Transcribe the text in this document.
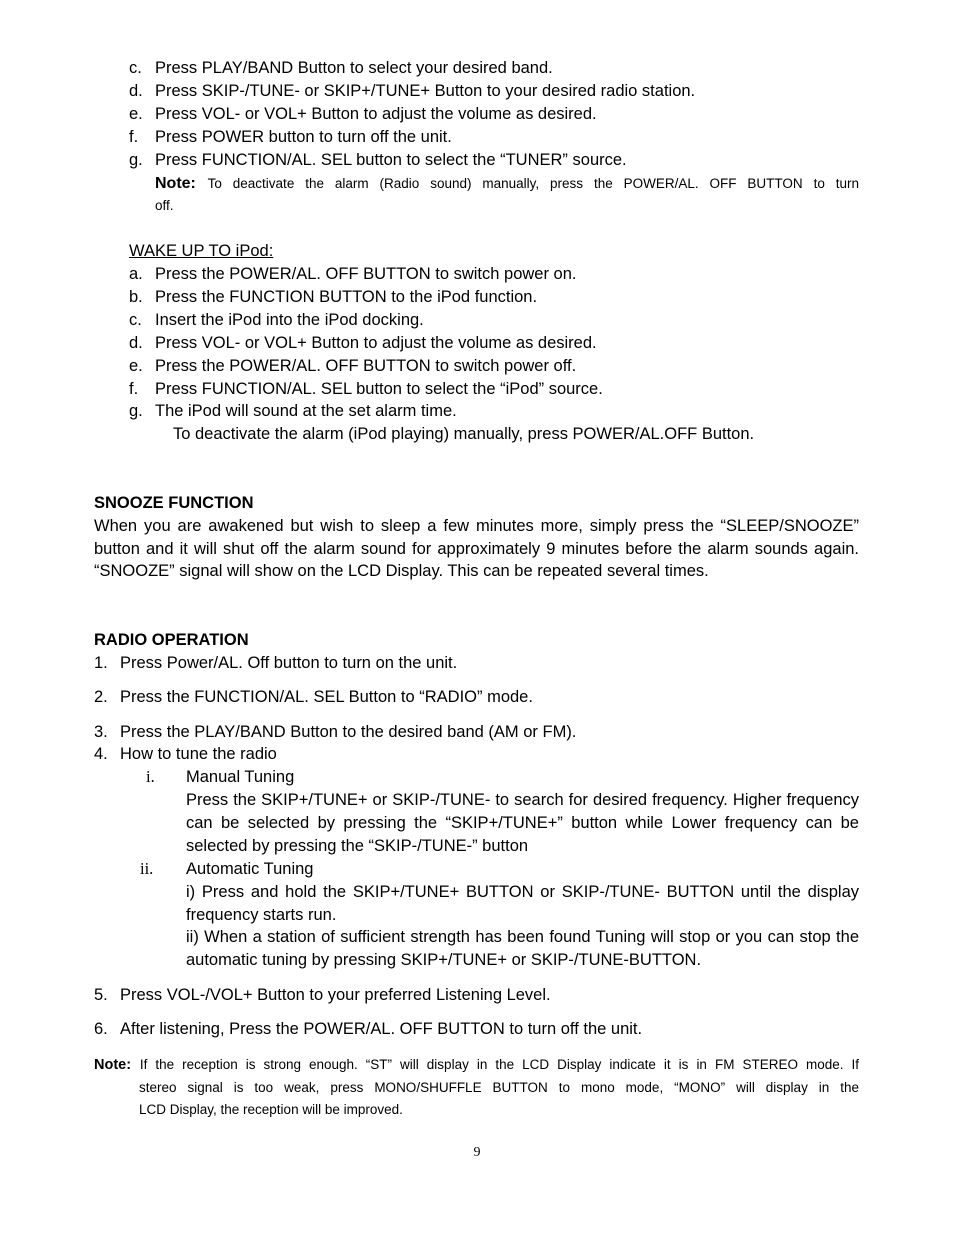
c. Press PLAY/BAND Button to select your desired band.
d. Press SKIP-/TUNE- or SKIP+/TUNE+ Button to your desired radio station.
e. Press VOL- or VOL+ Button to adjust the volume as desired.
f. Press POWER button to turn off the unit.
g. Press FUNCTION/AL. SEL button to select the “TUNER” source.
Note: To deactivate the alarm (Radio sound) manually, press the POWER/AL. OFF BUTTON to turn
off.
WAKE UP TO iPod:
a. Press the POWER/AL. OFF BUTTON to switch power on.
b. Press the FUNCTION BUTTON to the iPod function.
c. Insert the iPod into the iPod docking.
d. Press VOL- or VOL+ Button to adjust the volume as desired.
e. Press the POWER/AL. OFF BUTTON to switch power off.
f. Press FUNCTION/AL. SEL button to select the “iPod” source.
g. The iPod will sound at the set alarm time.
To deactivate the alarm (iPod playing) manually, press POWER/AL.OFF Button.
SNOOZE FUNCTION
When you are awakened but wish to sleep a few minutes more, simply press the “SLEEP/SNOOZE” button and it will shut off the alarm sound for approximately 9 minutes before the alarm sounds again. “SNOOZE” signal will show on the LCD Display. This can be repeated several times.
RADIO OPERATION
1. Press Power/AL. Off button to turn on the unit.
2. Press the FUNCTION/AL. SEL Button to “RADIO” mode.
3. Press the PLAY/BAND Button to the desired band (AM or FM).
4. How to tune the radio
i. Manual Tuning
Press the SKIP+/TUNE+ or SKIP-/TUNE- to search for desired frequency. Higher frequency can be selected by pressing the “SKIP+/TUNE+” button while Lower frequency can be selected by pressing the “SKIP-/TUNE-” button
ii. Automatic Tuning
i) Press and hold the SKIP+/TUNE+ BUTTON or SKIP-/TUNE- BUTTON until the display frequency starts run.
ii) When a station of sufficient strength has been found Tuning will stop or you can stop the automatic tuning by pressing SKIP+/TUNE+ or SKIP-/TUNE-BUTTON.
5. Press VOL-/VOL+ Button to your preferred Listening Level.
6. After listening, Press the POWER/AL. OFF BUTTON to turn off the unit.
Note: If the reception is strong enough. “ST” will display in the LCD Display indicate it is in FM STEREO mode. If
stereo signal is too weak, press MONO/SHUFFLE BUTTON to mono mode, “MONO” will display in the
LCD Display, the reception will be improved.
9
